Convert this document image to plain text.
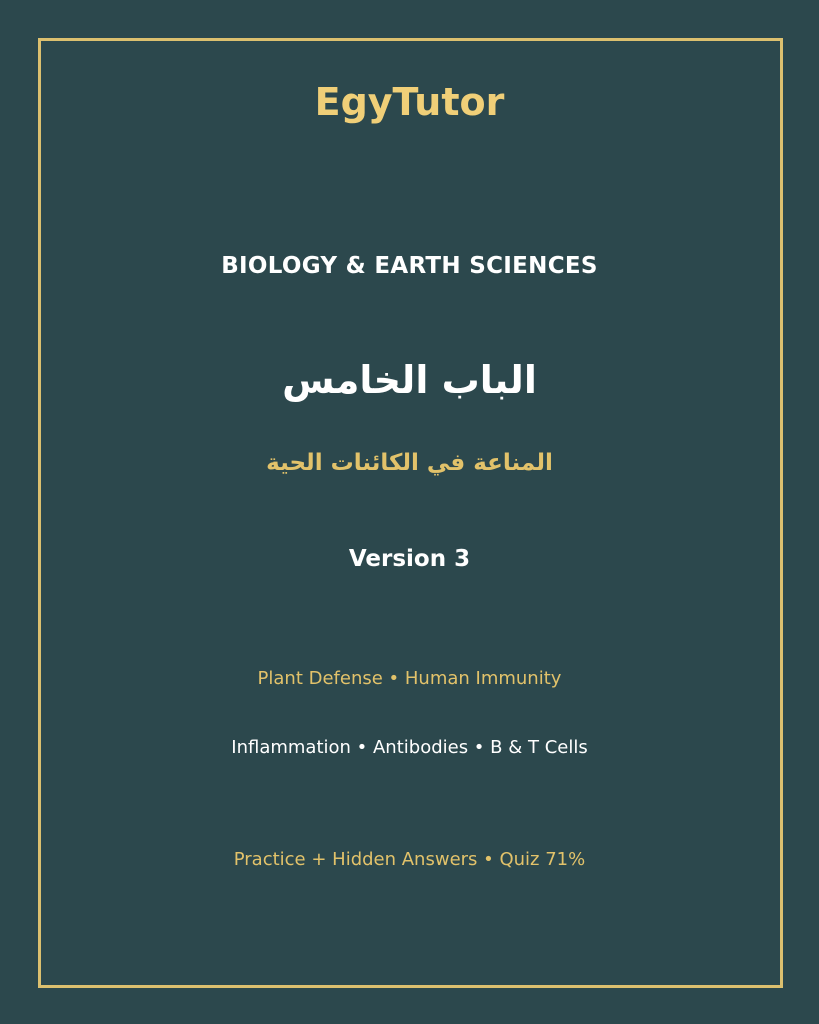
EgyTutor
BIOLOGY & EARTH SCIENCES
الباب الخامس
المناعة في الكائنات الحية
Version 3
Plant Defense • Human Immunity
Inflammation • Antibodies • B & T Cells
Practice + Hidden Answers • Quiz 71%
